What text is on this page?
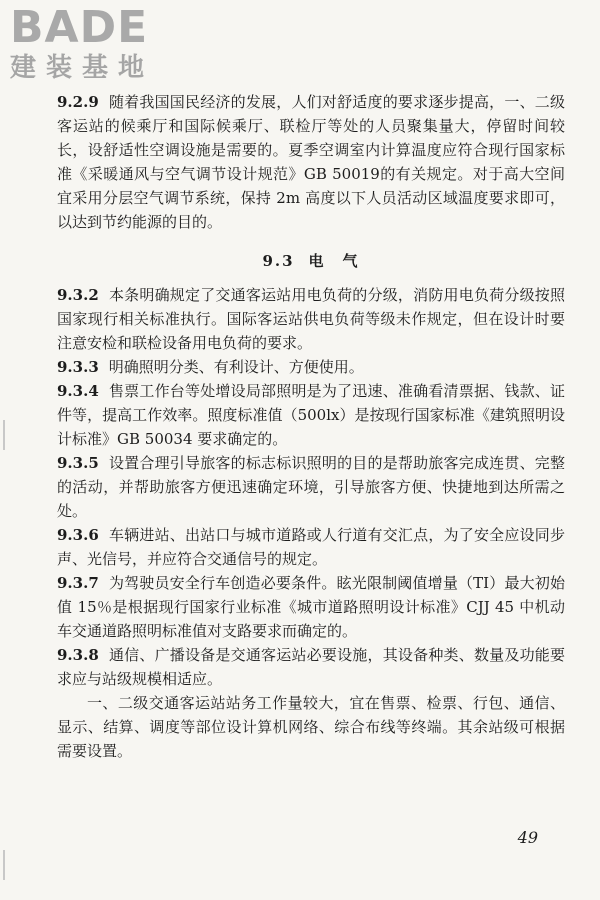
BADE
建装基地

9.2.9 随着我国国民经济的发展，人们对舒适度的要求逐步提高，一、二级客运站的候乘厅和国际候乘厅、联检厅等处的人员聚集量大，停留时间较长，设舒适性空调设施是需要的。夏季空调室内计算温度应符合现行国家标准《采暖通风与空气调节设计规范》GB 50019的有关规定。对于高大空间宜采用分层空气调节系统，保持 2m 高度以下人员活动区域温度要求即可，以达到节约能源的目的。

9.3 电　气

9.3.2 本条明确规定了交通客运站用电负荷的分级，消防用电负荷分级按照国家现行相关标准执行。国际客运站供电负荷等级未作规定，但在设计时要注意安检和联检设备用电负荷的要求。

9.3.3 明确照明分类、有利设计、方便使用。

9.3.4 售票工作台等处增设局部照明是为了迅速、准确看清票据、钱款、证件等，提高工作效率。照度标准值（500lx）是按现行国家标准《建筑照明设计标准》GB 50034 要求确定的。

9.3.5 设置合理引导旅客的标志标识照明的目的是帮助旅客完成连贯、完整的活动，并帮助旅客方便迅速确定环境，引导旅客方便、快捷地到达所需之处。

9.3.6 车辆进站、出站口与城市道路或人行道有交汇点，为了安全应设同步声、光信号，并应符合交通信号的规定。

9.3.7 为驾驶员安全行车创造必要条件。眩光限制阈值增量（TI）最大初始值 15％是根据现行国家行业标准《城市道路照明设计标准》CJJ 45 中机动车交通道路照明标准值对支路要求而确定的。

9.3.8 通信、广播设备是交通客运站必要设施，其设备种类、数量及功能要求应与站级规模相适应。

一、二级交通客运站站务工作量较大，宜在售票、检票、行包、通信、显示、结算、调度等部位设计算机网络、综合布线等终端。其余站级可根据需要设置。

49
